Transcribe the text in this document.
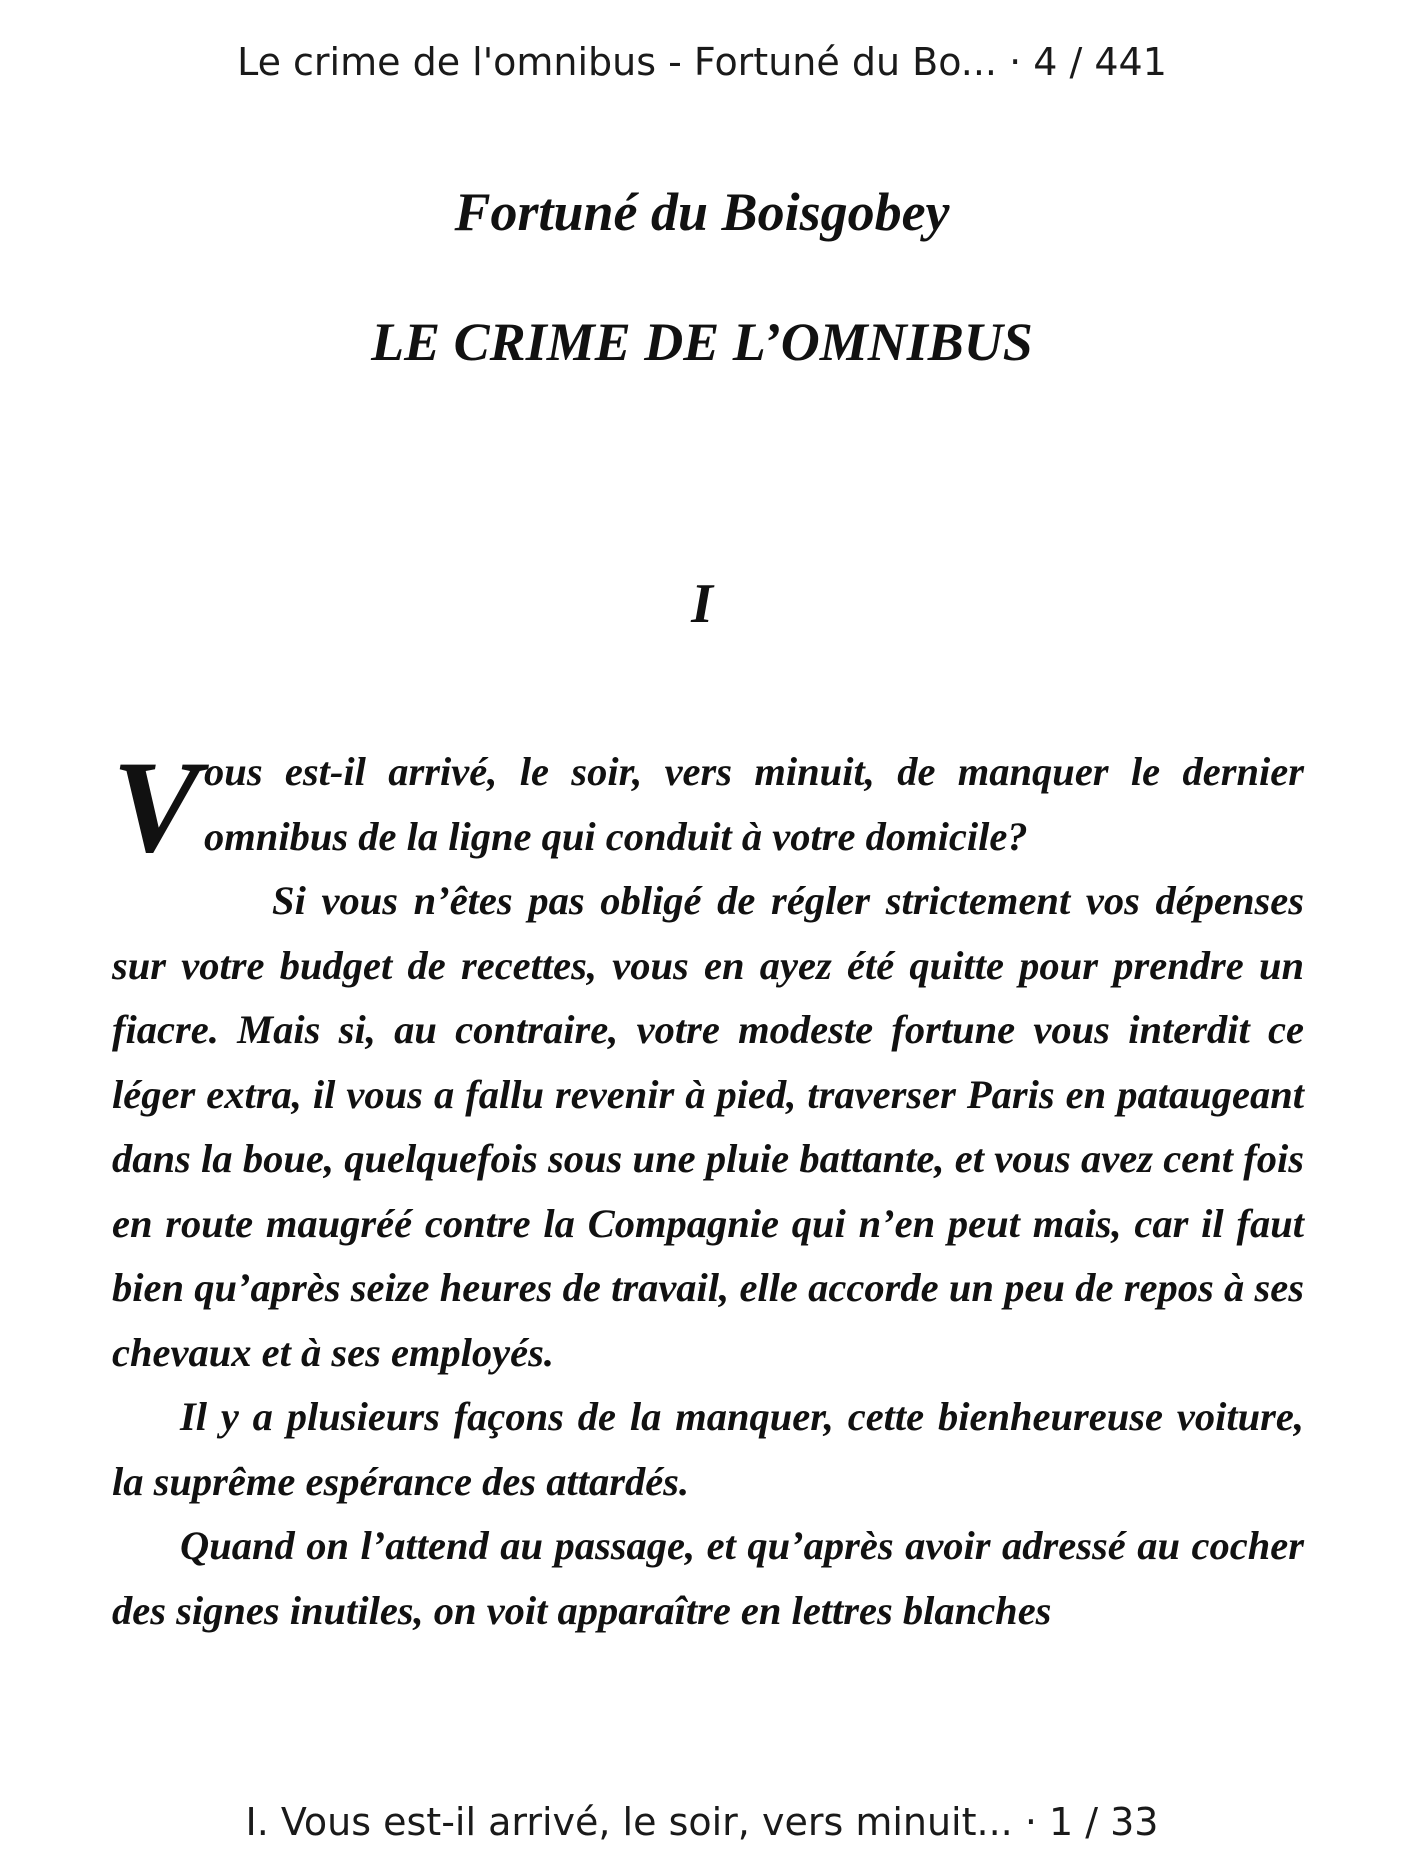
Le crime de l'omnibus - Fortuné du Bo... · 4 / 441
Fortuné du Boisgobey
LE CRIME DE L’OMNIBUS
I

Vous est-il arrivé, le soir, vers minuit, de manquer le dernier omnibus de la ligne qui conduit à votre domicile?

Si vous n’êtes pas obligé de régler strictement vos dépenses sur votre budget de recettes, vous en ayez été quitte pour prendre un fiacre. Mais si, au contraire, votre modeste fortune vous interdit ce léger extra, il vous a fallu revenir à pied, traverser Paris en pataugeant dans la boue, quelquefois sous une pluie battante, et vous avez cent fois en route maugréé contre la Compagnie qui n’en peut mais, car il faut bien qu’après seize heures de travail, elle accorde un peu de repos à ses chevaux et à ses employés.

Il y a plusieurs façons de la manquer, cette bienheureuse voiture, la suprême espérance des attardés.

Quand on l’attend au passage, et qu’après avoir adressé au cocher des signes inutiles, on voit apparaître en lettres blanches

I. Vous est-il arrivé, le soir, vers minuit... · 1 / 33
